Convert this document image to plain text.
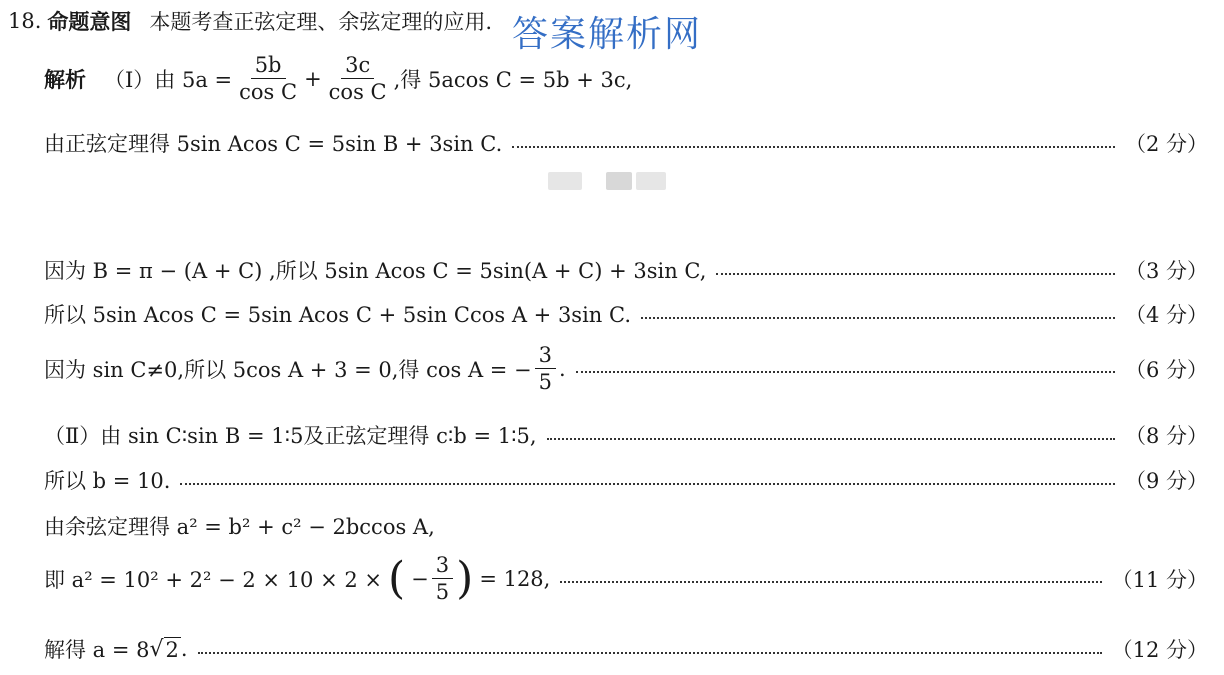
答案解析网
18. 命题意图 本题考查正弦定理、余弦定理的应用.
解析 （Ⅰ）由 $5a = \frac{5b}{\text{cos C}} + \frac{3c}{\text{cos C}}$ ,得 5acos C = 5b + 3c,
由正弦定理得 5sin Acos C = 5sin B + 3sin C.	（2 分）
因为 B = π − (A + C) ,所以 5sin Acos C = 5sin(A + C) + 3sin C,	（3 分）
所以 5sin Acos C = 5sin Acos C + 5sin Ccos A + 3sin C.	（4 分）
因为 sin C≠0,所以 5cos A + 3 = 0,得 cos A = − $\frac{3}{5}$ .	（6 分）
（Ⅱ）由 sin C∶sin B = 1∶5及正弦定理得 c∶b = 1∶5,	（8 分）
所以 b = 10.	（9 分）
由余弦定理得 a² = b² + c² − 2bccos A,
即 a² = 10² + 2² − 2 × 10 × 2 × ( − $\frac{3}{5}$ ) = 128,	（11 分）
解得 a = 8 √ 2 .	（12 分）
